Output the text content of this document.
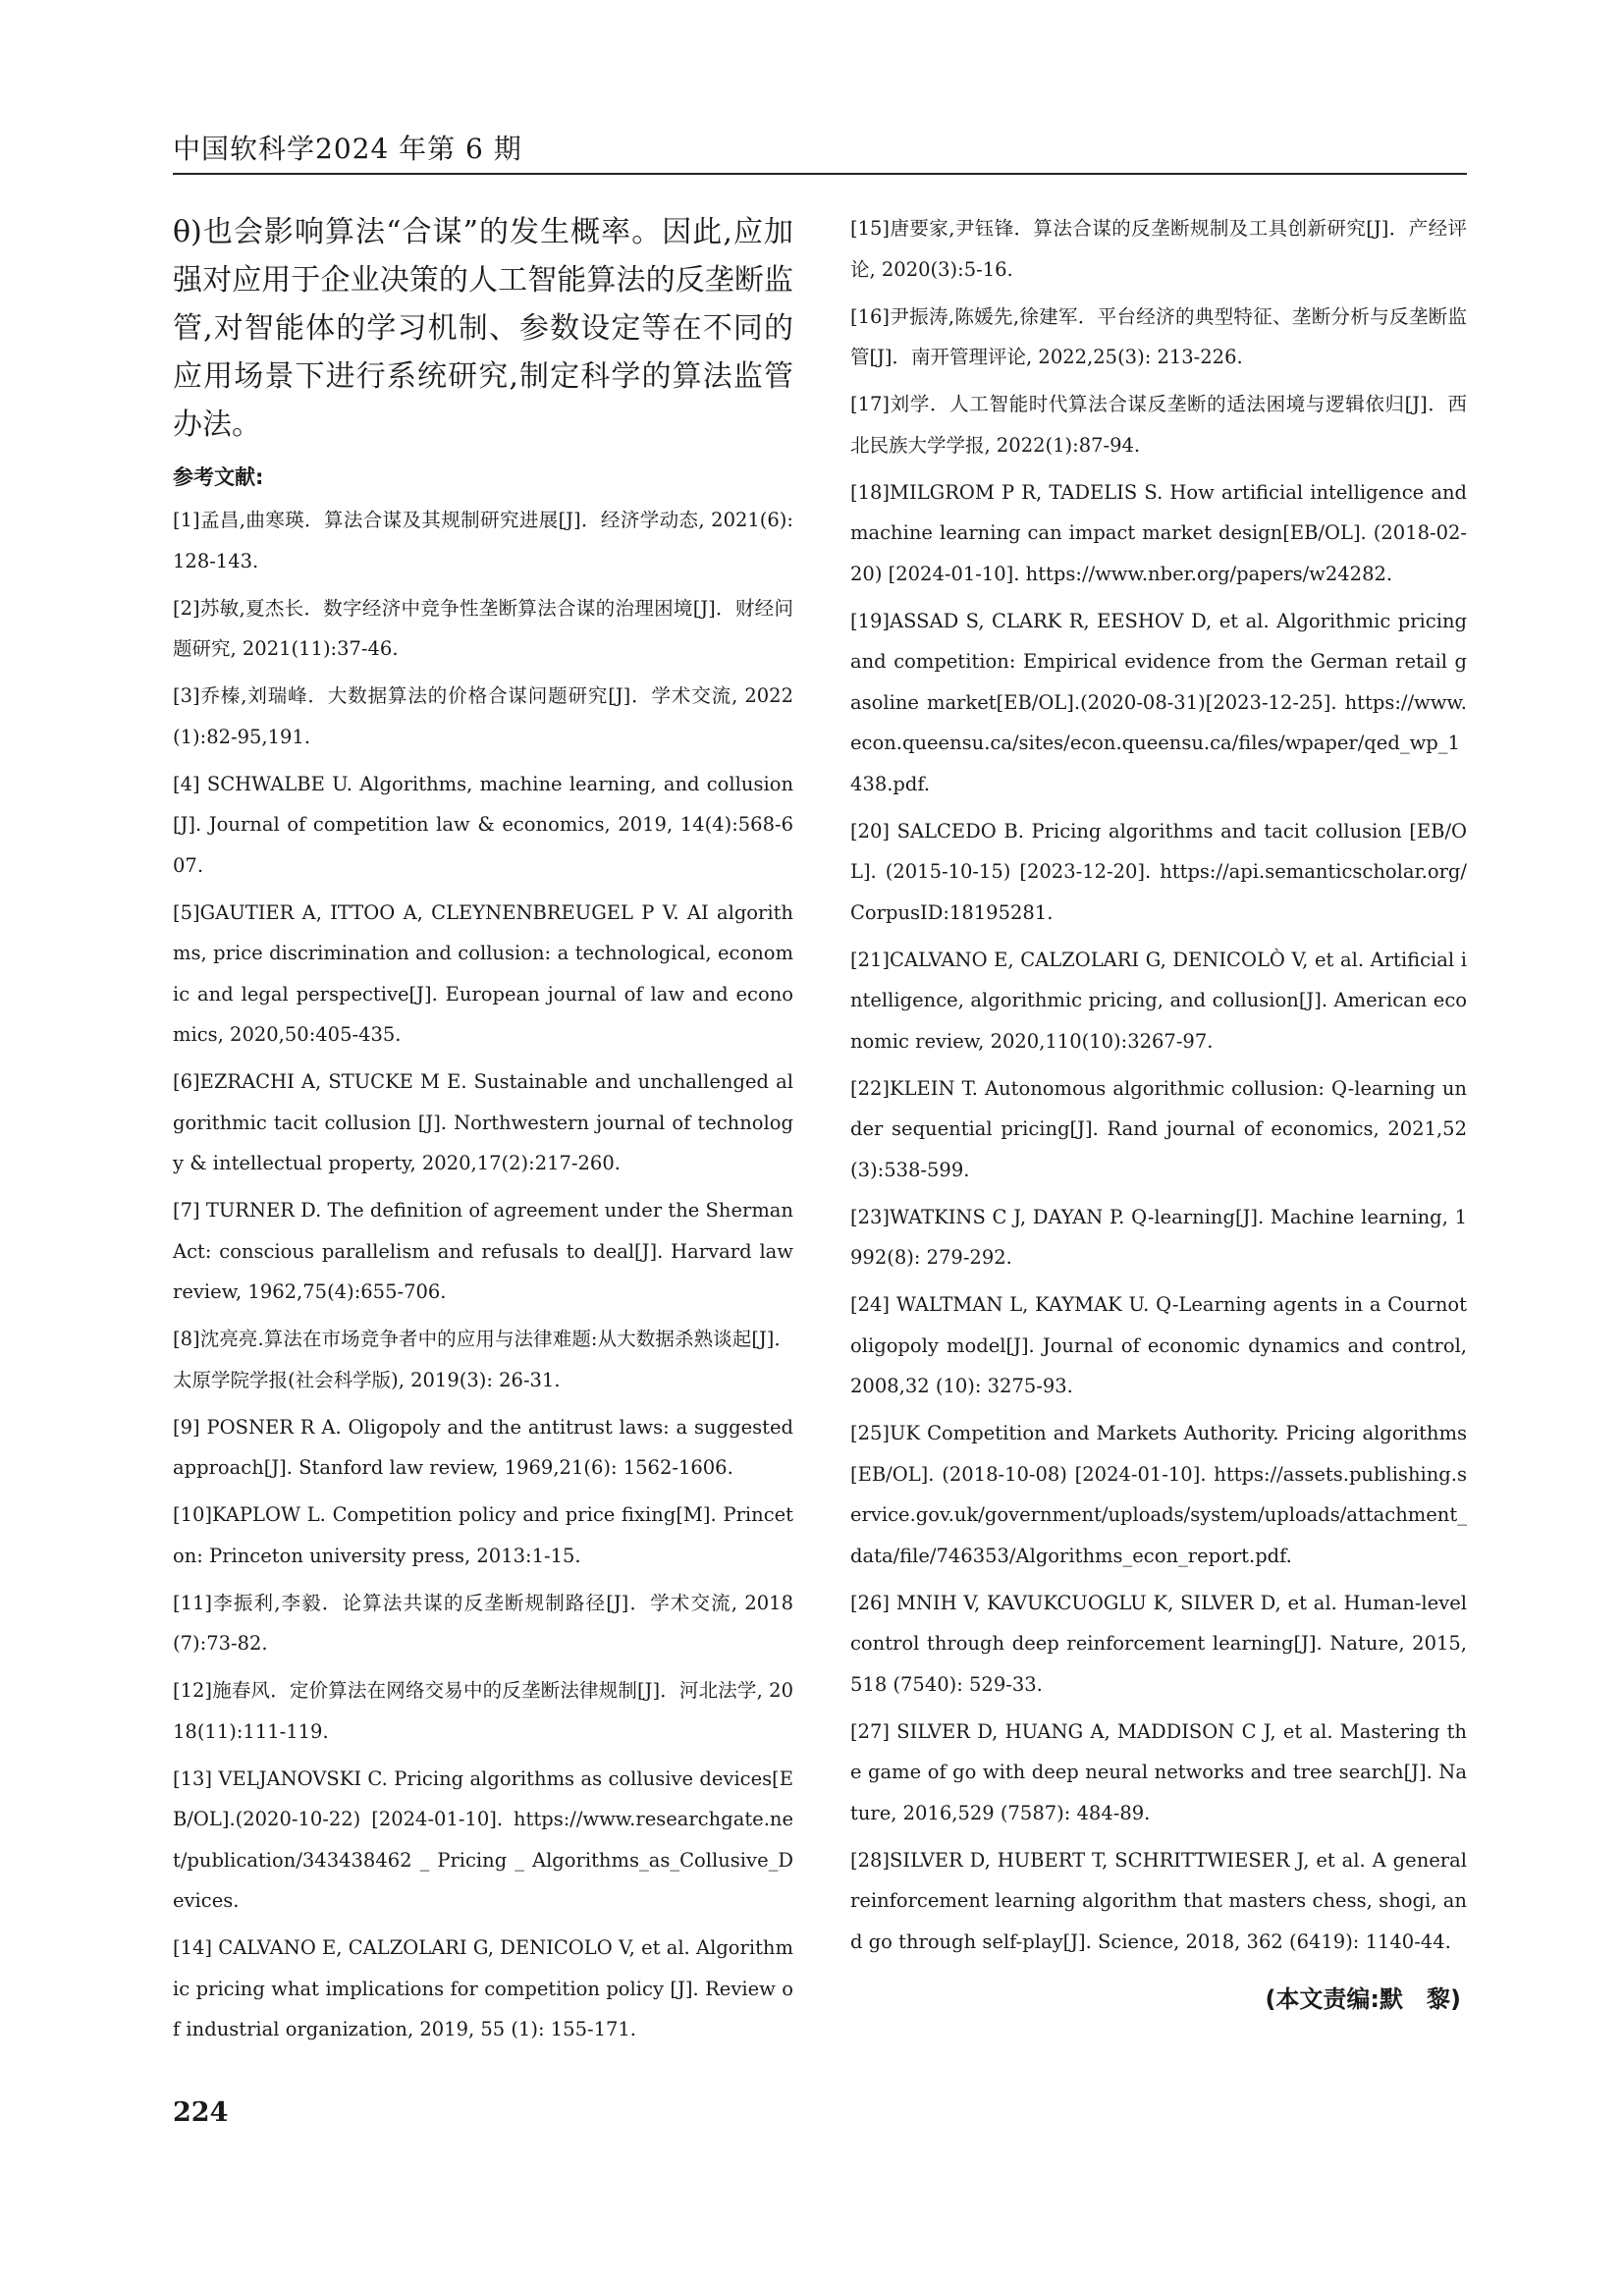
中国软科学2024 年第 6 期

θ)也会影响算法“合谋”的发生概率。因此,应加强对应用于企业决策的人工智能算法的反垄断监管,对智能体的学习机制、参数设定等在不同的应用场景下进行系统研究,制定科学的算法监管办法。

参考文献:

[1]孟昌,曲寒瑛．算法合谋及其规制研究进展[J]．经济学动态, 2021(6):128-143.

[2]苏敏,夏杰长．数字经济中竞争性垄断算法合谋的治理困境[J]．财经问题研究, 2021(11):37-46.

[3]乔榛,刘瑞峰．大数据算法的价格合谋问题研究[J]．学术交流, 2022(1):82-95,191.

[4] SCHWALBE U. Algorithms, machine learning, and collusion[J]. Journal of competition law & economics, 2019, 14(4):568-607.

[5]GAUTIER A, ITTOO A, CLEYNENBREUGEL P V. AI algorithms, price discrimination and collusion: a technological, economic and legal perspective[J]. European journal of law and economics, 2020,50:405-435.

[6]EZRACHI A, STUCKE M E. Sustainable and unchallenged algorithmic tacit collusion [J]. Northwestern journal of technology & intellectual property, 2020,17(2):217-260.

[7] TURNER D. The definition of agreement under the Sherman Act: conscious parallelism and refusals to deal[J]. Harvard law review, 1962,75(4):655-706.

[8]沈亮亮.算法在市场竞争者中的应用与法律难题:从大数据杀熟谈起[J]．太原学院学报(社会科学版), 2019(3): 26-31.

[9] POSNER R A. Oligopoly and the antitrust laws: a suggested approach[J]. Stanford law review, 1969,21(6): 1562-1606.

[10]KAPLOW L. Competition policy and price fixing[M]. Princeton: Princeton university press, 2013:1-15.

[11]李振利,李毅．论算法共谋的反垄断规制路径[J]．学术交流, 2018(7):73-82.

[12]施春风．定价算法在网络交易中的反垄断法律规制[J]．河北法学, 2018(11):111-119.

[13] VELJANOVSKI C. Pricing algorithms as collusive devices[EB/OL].(2020-10-22) [2024-01-10]. https://www.researchgate.net/publication/343438462 _ Pricing _ Algorithms_as_Collusive_Devices.

[14] CALVANO E, CALZOLARI G, DENICOLO V, et al. Algorithmic pricing what implications for competition policy [J]. Review of industrial organization, 2019, 55 (1): 155-171.

[15]唐要家,尹钰锋．算法合谋的反垄断规制及工具创新研究[J]．产经评论, 2020(3):5-16.

[16]尹振涛,陈媛先,徐建军．平台经济的典型特征、垄断分析与反垄断监管[J]．南开管理评论, 2022,25(3): 213-226.

[17]刘学．人工智能时代算法合谋反垄断的适法困境与逻辑依归[J]．西北民族大学学报, 2022(1):87-94.

[18]MILGROM P R, TADELIS S. How artificial intelligence and machine learning can impact market design[EB/OL]. (2018-02-20) [2024-01-10]. https://www.nber.org/papers/w24282.

[19]ASSAD S, CLARK R, EESHOV D, et al. Algorithmic pricing and competition: Empirical evidence from the German retail gasoline market[EB/OL].(2020-08-31)[2023-12-25]. https://www.econ.queensu.ca/sites/econ.queensu.ca/files/wpaper/qed_wp_1438.pdf.

[20] SALCEDO B. Pricing algorithms and tacit collusion [EB/OL]. (2015-10-15) [2023-12-20]. https://api.semanticscholar.org/CorpusID:18195281.

[21]CALVANO E, CALZOLARI G, DENICOLÒ V, et al. Artificial intelligence, algorithmic pricing, and collusion[J]. American economic review, 2020,110(10):3267-97.

[22]KLEIN T. Autonomous algorithmic collusion: Q-learning under sequential pricing[J]. Rand journal of economics, 2021,52(3):538-599.

[23]WATKINS C J, DAYAN P. Q-learning[J]. Machine learning, 1992(8): 279-292.

[24] WALTMAN L, KAYMAK U. Q-Learning agents in a Cournot oligopoly model[J]. Journal of economic dynamics and control, 2008,32 (10): 3275-93.

[25]UK Competition and Markets Authority. Pricing algorithms [EB/OL]. (2018-10-08) [2024-01-10]. https://assets.publishing.service.gov.uk/government/uploads/system/uploads/attachment_data/file/746353/Algorithms_econ_report.pdf.

[26] MNIH V, KAVUKCUOGLU K, SILVER D, et al. Human-level control through deep reinforcement learning[J]. Nature, 2015,518 (7540): 529-33.

[27] SILVER D, HUANG A, MADDISON C J, et al. Mastering the game of go with deep neural networks and tree search[J]. Nature, 2016,529 (7587): 484-89.

[28]SILVER D, HUBERT T, SCHRITTWIESER J, et al. A general reinforcement learning algorithm that masters chess, shogi, and go through self-play[J]. Science, 2018, 362 (6419): 1140-44.

(本文责编:默　黎)
224
